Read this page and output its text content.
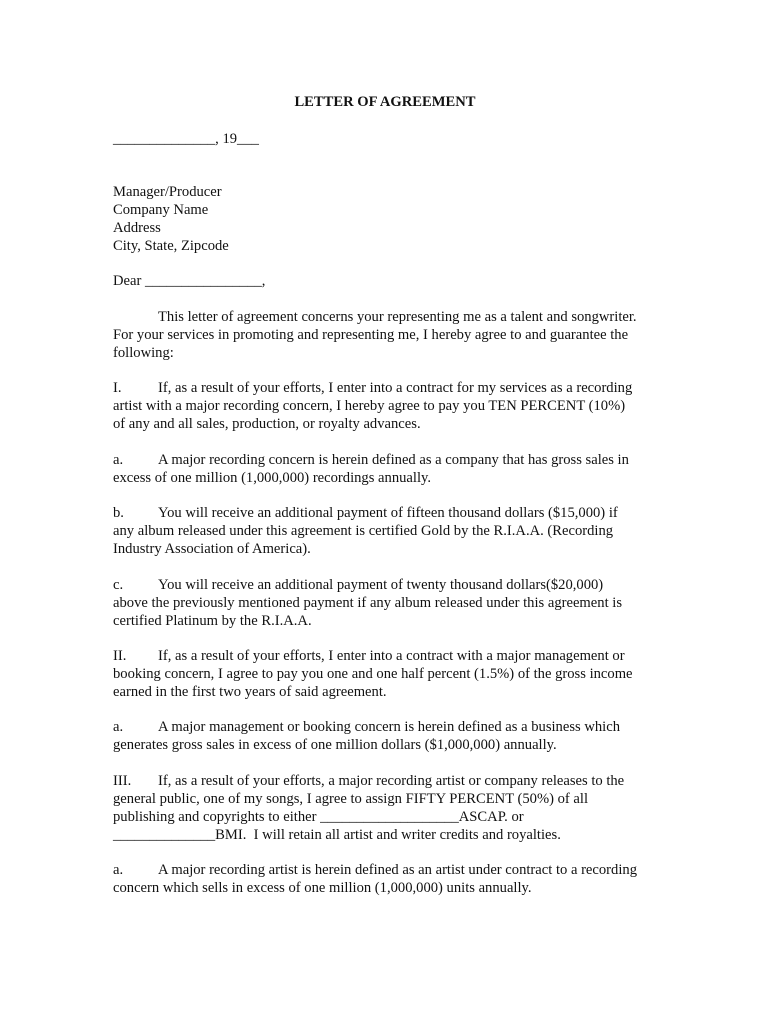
LETTER OF AGREEMENT
______________, 19___
Manager/Producer
Company Name
Address
City, State, Zipcode
Dear ________________,
This letter of agreement concerns your representing me as a talent and songwriter.
For your services in promoting and representing me, I hereby agree to and guarantee the
following:
I. If, as a result of your efforts, I enter into a contract for my services as a recording
artist with a major recording concern, I hereby agree to pay you TEN PERCENT (10%)
of any and all sales, production, or royalty advances.
a. A major recording concern is herein defined as a company that has gross sales in
excess of one million (1,000,000) recordings annually.
b. You will receive an additional payment of fifteen thousand dollars ($15,000) if
any album released under this agreement is certified Gold by the R.I.A.A. (Recording
Industry Association of America).
c. You will receive an additional payment of twenty thousand dollars($20,000)
above the previously mentioned payment if any album released under this agreement is
certified Platinum by the R.I.A.A.
II. If, as a result of your efforts, I enter into a contract with a major management or
booking concern, I agree to pay you one and one half percent (1.5%) of the gross income
earned in the first two years of said agreement.
a. A major management or booking concern is herein defined as a business which
generates gross sales in excess of one million dollars ($1,000,000) annually.
III. If, as a result of your efforts, a major recording artist or company releases to the
general public, one of my songs, I agree to assign FIFTY PERCENT (50%) of all
publishing and copyrights to either ___________________ASCAP. or
______________BMI.  I will retain all artist and writer credits and royalties.
a. A major recording artist is herein defined as an artist under contract to a recording
concern which sells in excess of one million (1,000,000) units annually.
